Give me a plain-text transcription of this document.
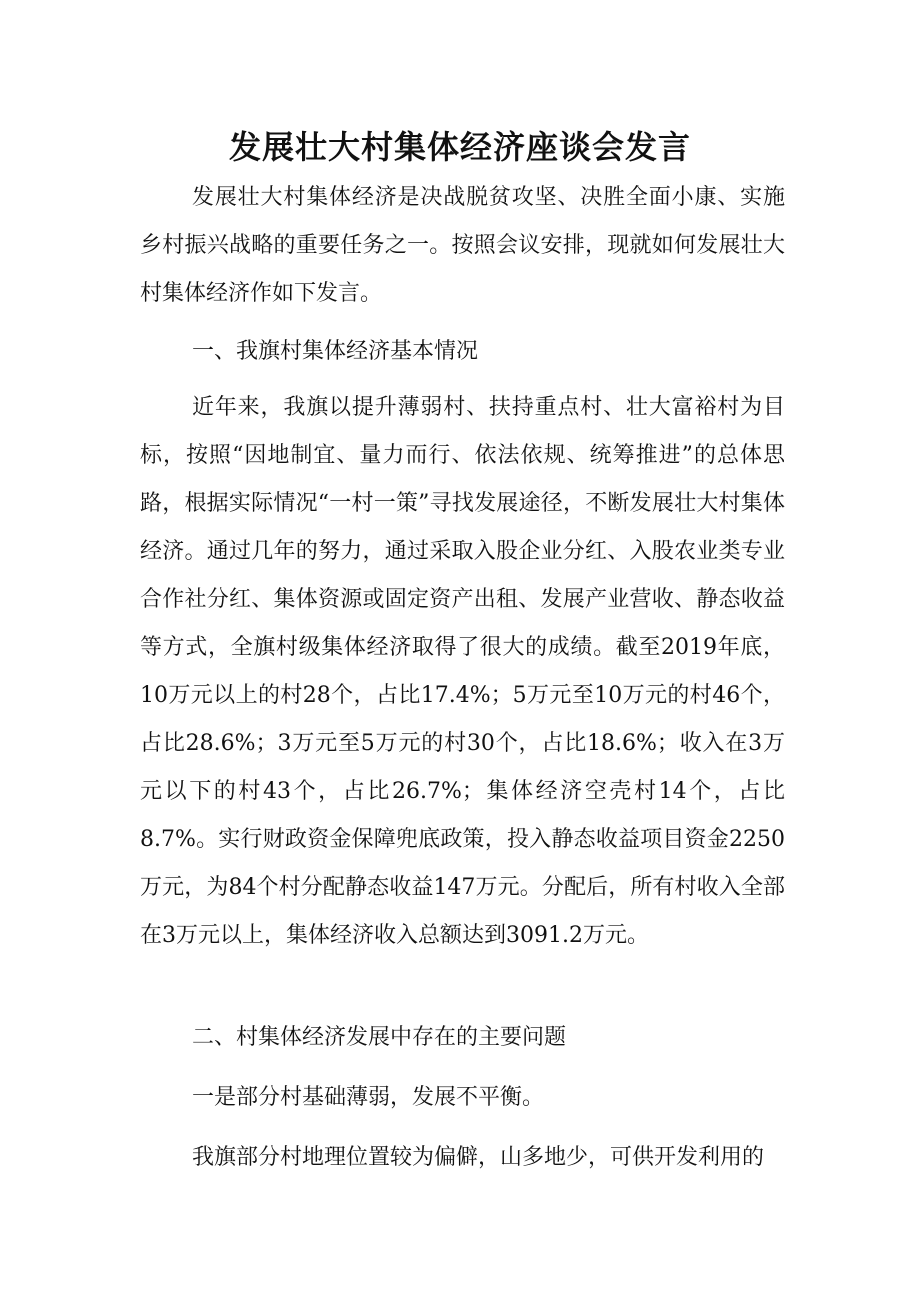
发展壮大村集体经济座谈会发言

发展壮大村集体经济是决战脱贫攻坚、决胜全面小康、实施乡村振兴战略的重要任务之一。按照会议安排，现就如何发展壮大村集体经济作如下发言。

一、我旗村集体经济基本情况

近年来，我旗以提升薄弱村、扶持重点村、壮大富裕村为目标，按照“因地制宜、量力而行、依法依规、统筹推进”的总体思路，根据实际情况“一村一策”寻找发展途径，不断发展壮大村集体经济。通过几年的努力，通过采取入股企业分红、入股农业类专业合作社分红、集体资源或固定资产出租、发展产业营收、静态收益等方式，全旗村级集体经济取得了很大的成绩。截至2019年底，10万元以上的村28个，占比17.4%；5万元至10万元的村46个，占比28.6%；3万元至5万元的村30个，占比18.6%；收入在3万元以下的村43个，占比26.7%；集体经济空壳村14个，占比8.7%。实行财政资金保障兜底政策，投入静态收益项目资金2250万元，为84个村分配静态收益147万元。分配后，所有村收入全部在3万元以上，集体经济收入总额达到3091.2万元。

二、村集体经济发展中存在的主要问题

一是部分村基础薄弱，发展不平衡。

我旗部分村地理位置较为偏僻，山多地少，可供开发利用的
